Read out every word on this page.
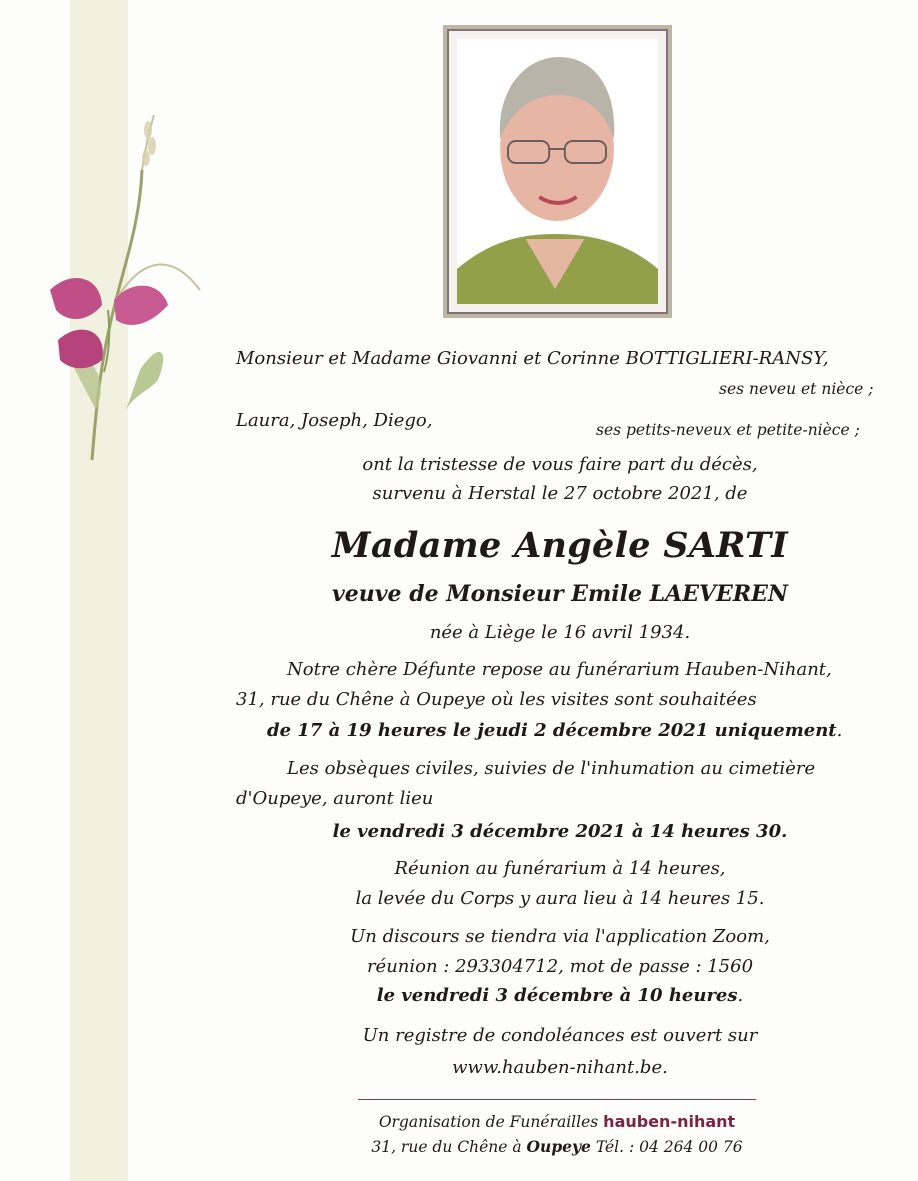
Monsieur et Madame Giovanni et Corinne BOTTIGLIERI-RANSY,

ses neveu et nièce ;

Laura, Joseph, Diego,	ses petits-neveux et petite-nièce ;

ont la tristesse de vous faire part du décès,

survenu à Herstal le 27 octobre 2021, de

Madame Angèle SARTI

veuve de Monsieur Emile LAEVEREN

née à Liège le 16 avril 1934.

Notre chère Défunte repose au funérarium Hauben-Nihant,

31, rue du Chêne à Oupeye où les visites sont souhaitées

de 17 à 19 heures le jeudi 2 décembre 2021 uniquement.

Les obsèques civiles, suivies de l'inhumation au cimetière

d'Oupeye, auront lieu

le vendredi 3 décembre 2021 à 14 heures 30.

Réunion au funérarium à 14 heures,

la levée du Corps y aura lieu à 14 heures 15.

Un discours se tiendra via l'application Zoom,

réunion : 293304712, mot de passe : 1560

le vendredi 3 décembre à 10 heures.

Un registre de condoléances est ouvert sur

www.hauben-nihant.be.

Organisation de Funérailles hauben-nihant

31, rue du Chêne à Oupeye Tél. : 04 264 00 76
